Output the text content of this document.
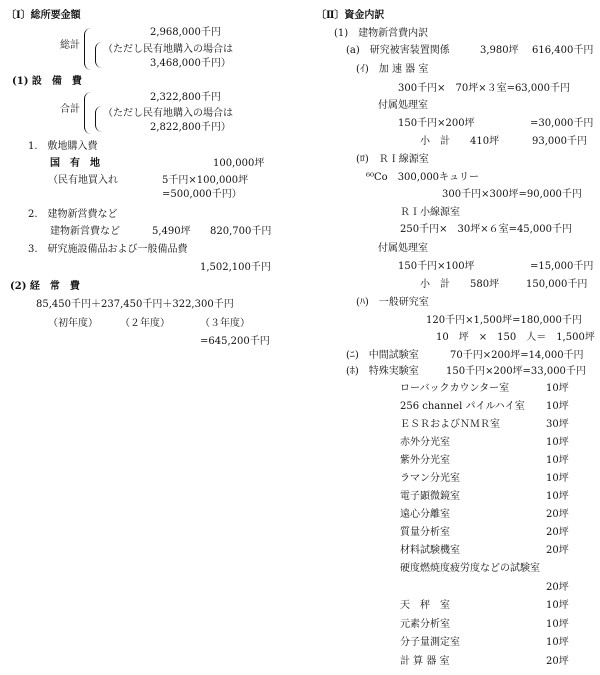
〔Ⅰ〕総所要金額
総計
2,968,000千円
（ただし民有地購入の場合は
3,468,000千円）
(1) 設　備　費
合計
2,322,800千円
（ただし民有地購入の場合は
2,822,800千円）
1.　敷地購入費
国　有　地	100,000坪
（民有地買入れ	5千円×100,000坪
=500,000千円）
2.　建物新営費など
建物新営費など	5,490坪 820,700千円
3.　研究施設備品および一般備品費
1,502,100千円
(2) 経　常　費
85,450千円＋237,450千円＋322,300千円
（初年度） （２年度）	（３年度）
=645,200千円
〔Ⅱ〕資金内訳
(1)　建物新営費内訳
(a)　研究被害装置関係	3,980坪 616,400千円
(ｲ)　加 速 器 室
300千円×　70坪×３室=63,000千円
付属処理室
150千円×200坪	=30,000千円
小　計 410坪	93,000千円
(ﾛ)　ＲＩ線源室
⁶⁰Co　300,000キュリー
300千円×300坪=90,000千円
ＲＩ小線源室
250千円×　30坪×６室=45,000千円
付属処理室
150千円×100坪	=15,000千円
小　計 580坪	150,000千円
(ﾊ)　一般研究室
120千円×1,500坪=180,000千円
10　坪　×　150　人＝　1,500坪
(ﾆ)　中間試験室	70千円×200坪=14,000千円
(ﾎ)　特殊実験室	150千円×200坪=33,000千円
ローバックカウンター室	10坪
256 channel パイルハイ室 10坪
ＥＳＲおよびＮＭＲ室	30坪
赤外分光室	10坪
紫外分光室	10坪
ラマン分光室	10坪
電子顕微鏡室	10坪
遠心分離室	20坪
質量分析室	20坪
材料試験機室	20坪
硬度燃焼度疲労度などの試験室
20坪
天　秤　室	10坪
元素分析室	10坪
分子量測定室	10坪
計 算 器 室	20坪
